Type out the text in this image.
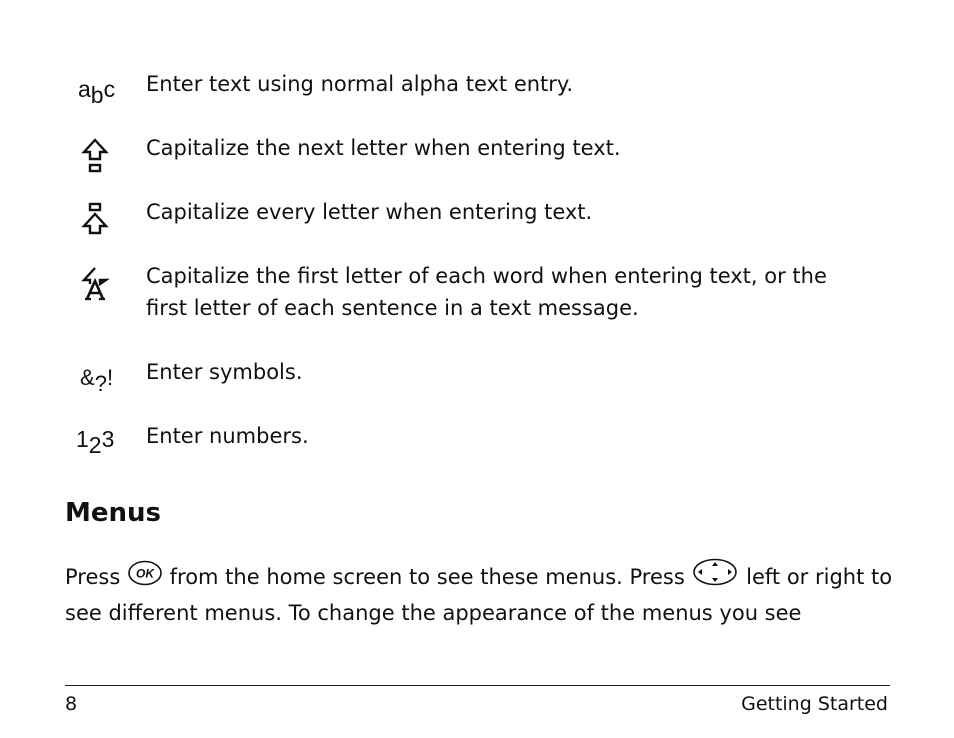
abc Enter text using normal alpha text entry.

Capitalize the next letter when entering text.

Capitalize every letter when entering text.

Capitalize the first letter of each word when entering text, or the first letter of each sentence in a text message.

&?! Enter symbols.

123 Enter numbers.

Menus

Press OK from the home screen to see these menus. Press  left or right to see different menus. To change the appearance of the menus you see

8	Getting Started
